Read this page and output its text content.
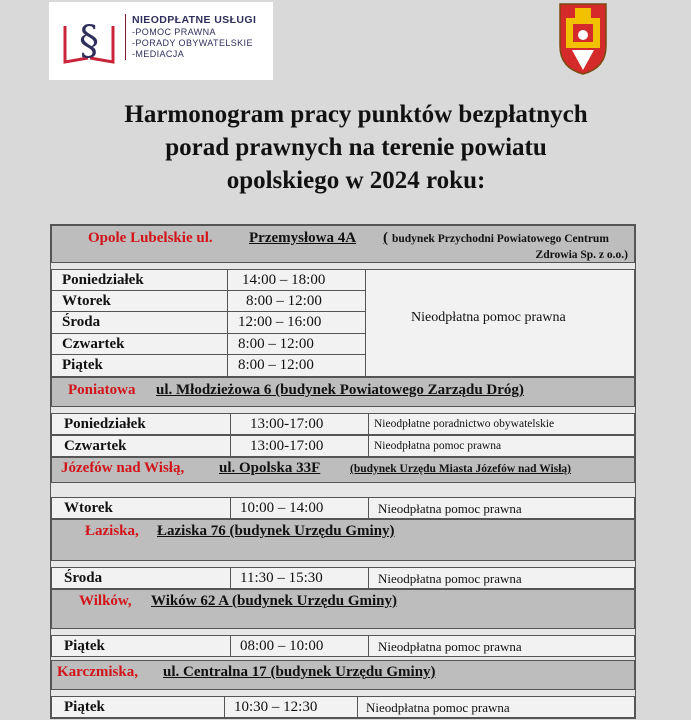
§	NIEODPŁATNE USŁUGI
-POMOC PRAWNA
-PORADY OBYWATELSKIE
-MEDIACJA
Harmonogram pracy punktów bezpłatnych
porad prawnych na terenie powiatu
opolskiego w 2024 roku:
Opole Lubelskie ul. Przemysłowa 4A ( budynek Przychodni Powiatowego Centrum
Zdrowia Sp. z o.o.)
Poniedziałek	14:00 – 18:00
Wtorek	8:00 – 12:00
Środa	12:00 – 16:00
Czwartek	8:00 – 12:00
Piątek	8:00 – 12:00
Nieodpłatna pomoc prawna
Poniatowa ul. Młodzieżowa 6 (budynek Powiatowego Zarządu Dróg)
Poniedziałek	13:00-17:00	Nieodpłatne poradnictwo obywatelskie
Czwartek	13:00-17:00	Nieodpłatna pomoc prawna
Józefów nad Wisłą, ul. Opolska 33F	(budynek Urzędu Miasta Józefów nad Wisłą)
Wtorek	10:00 – 14:00	Nieodpłatna pomoc prawna
Łaziska, Łaziska 76 (budynek Urzędu Gminy)
Środa	11:30 – 15:30	Nieodpłatna pomoc prawna
Wilków, Wików 62 A (budynek Urzędu Gminy)
Piątek	08:00 – 10:00	Nieodpłatna pomoc prawna
Karczmiska, ul. Centralna 17 (budynek Urzędu Gminy)
Piątek	10:30 – 12:30	Nieodpłatna pomoc prawna
